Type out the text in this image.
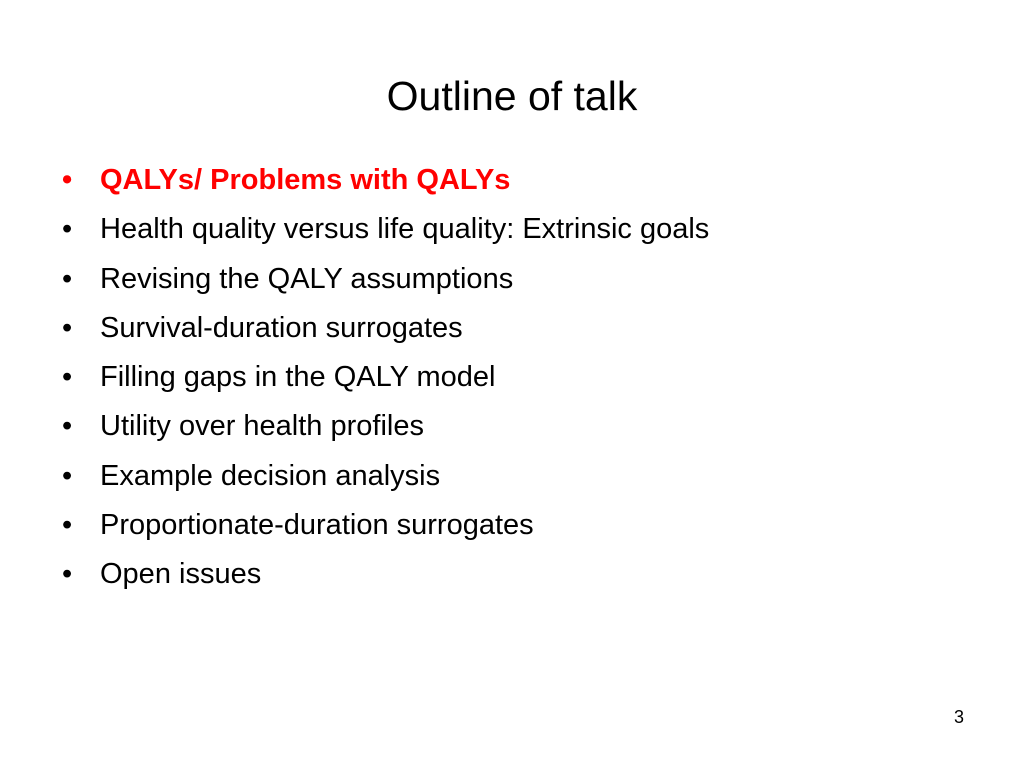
Outline of talk
• QALYs/ Problems with QALYs
• Health quality versus life quality: Extrinsic goals
• Revising the QALY assumptions
• Survival-duration surrogates
• Filling gaps in the QALY model
• Utility over health profiles
• Example decision analysis
• Proportionate-duration surrogates
• Open issues
3
